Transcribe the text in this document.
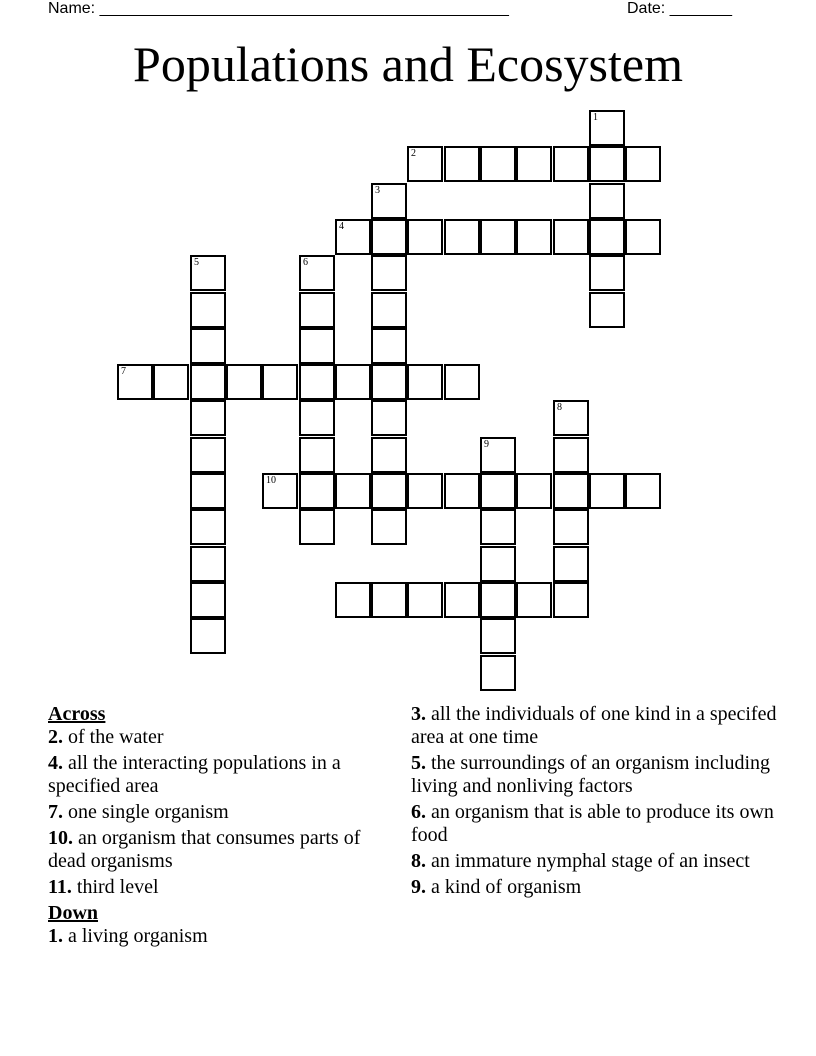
Name: ______________________________________________	Date: _______
Populations and Ecosystem
1
2
3
4
5	6
7
8
9
10
Across
2. of the water
4. all the interacting populations in a specified area
7. one single organism
10. an organism that consumes parts of dead organisms
11. third level
Down
1. a living organism
3. all the individuals of one kind in a specifed area at one time
5. the surroundings of an organism including living and nonliving factors
6. an organism that is able to produce its own food
8. an immature nymphal stage of an insect
9. a kind of organism
